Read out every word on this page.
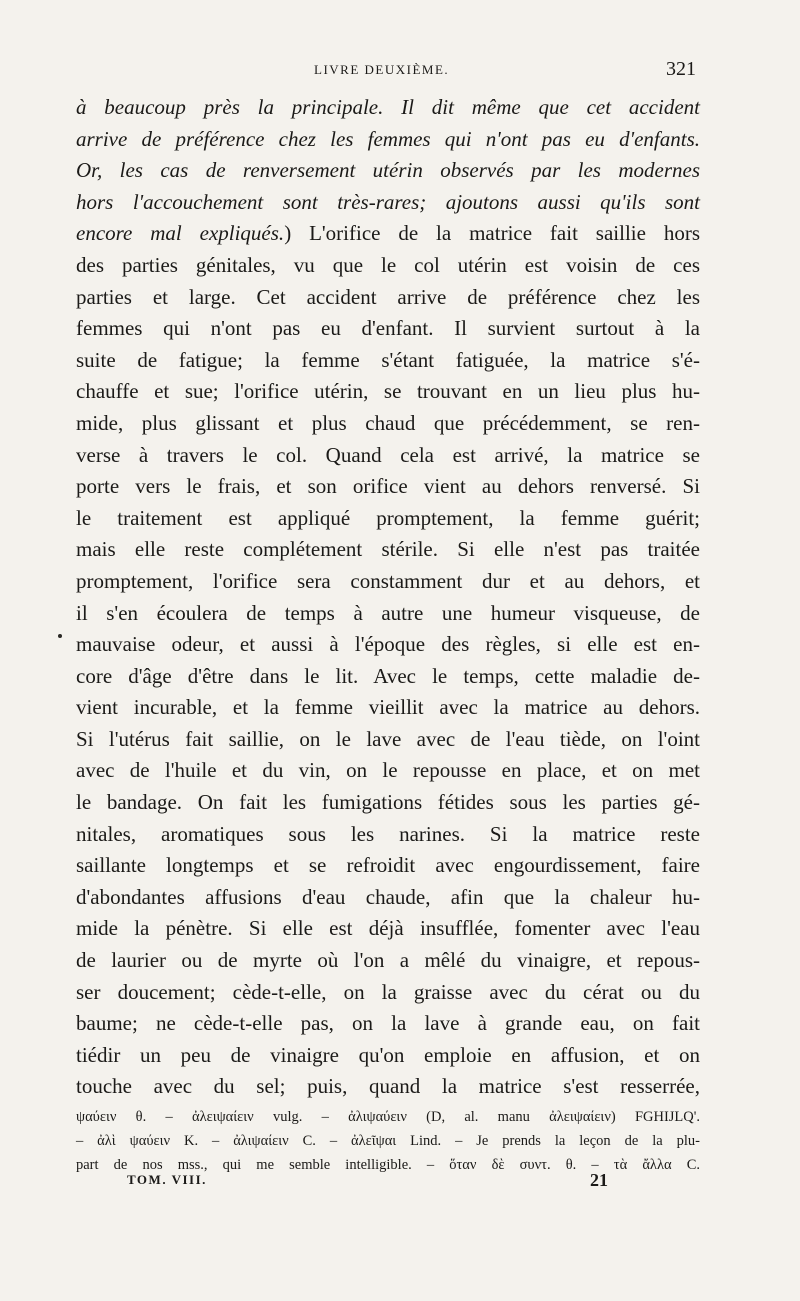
LIVRE DEUXIÈME.	321
à beaucoup près la principale. Il dit même que cet accident
arrive de préférence chez les femmes qui n'ont pas eu d'enfants.
Or, les cas de renversement utérin observés par les modernes
hors l'accouchement sont très-rares; ajoutons aussi qu'ils sont
encore mal expliqués.) L'orifice de la matrice fait saillie hors
des parties génitales, vu que le col utérin est voisin de ces
parties et large. Cet accident arrive de préférence chez les
femmes qui n'ont pas eu d'enfant. Il survient surtout à la
suite de fatigue; la femme s'étant fatiguée, la matrice s'é-
chauffe et sue; l'orifice utérin, se trouvant en un lieu plus hu-
mide, plus glissant et plus chaud que précédemment, se ren-
verse à travers le col. Quand cela est arrivé, la matrice se
porte vers le frais, et son orifice vient au dehors renversé. Si
le traitement est appliqué promptement, la femme guérit;
mais elle reste complétement stérile. Si elle n'est pas traitée
promptement, l'orifice sera constamment dur et au dehors, et
il s'en écoulera de temps à autre une humeur visqueuse, de
mauvaise odeur, et aussi à l'époque des règles, si elle est en-
core d'âge d'être dans le lit. Avec le temps, cette maladie de-
vient incurable, et la femme vieillit avec la matrice au dehors.
Si l'utérus fait saillie, on le lave avec de l'eau tiède, on l'oint
avec de l'huile et du vin, on le repousse en place, et on met
le bandage. On fait les fumigations fétides sous les parties gé-
nitales, aromatiques sous les narines. Si la matrice reste
saillante longtemps et se refroidit avec engourdissement, faire
d'abondantes affusions d'eau chaude, afin que la chaleur hu-
mide la pénètre. Si elle est déjà insufflée, fomenter avec l'eau
de laurier ou de myrte où l'on a mêlé du vinaigre, et repous-
ser doucement; cède-t-elle, on la graisse avec du cérat ou du
baume; ne cède-t-elle pas, on la lave à grande eau, on fait
tiédir un peu de vinaigre qu'on emploie en affusion, et on
touche avec du sel; puis, quand la matrice s'est resserrée,
ψαύειν θ. – ἀλειψαίειν vulg. – ἀλιψαύειν (D, al. manu ἀλειψαίειν) FGHIJLQ'.
– ἀλὶ ψαύειν K. – ἀλιψαίειν C. – ἀλεῖψαι Lind. – Je prends la leçon de la plu-
part de nos mss., qui me semble intelligible. – ὅταν δὲ συντ. θ. – τὰ ἄλλα C.
TOM. VIII.	21
